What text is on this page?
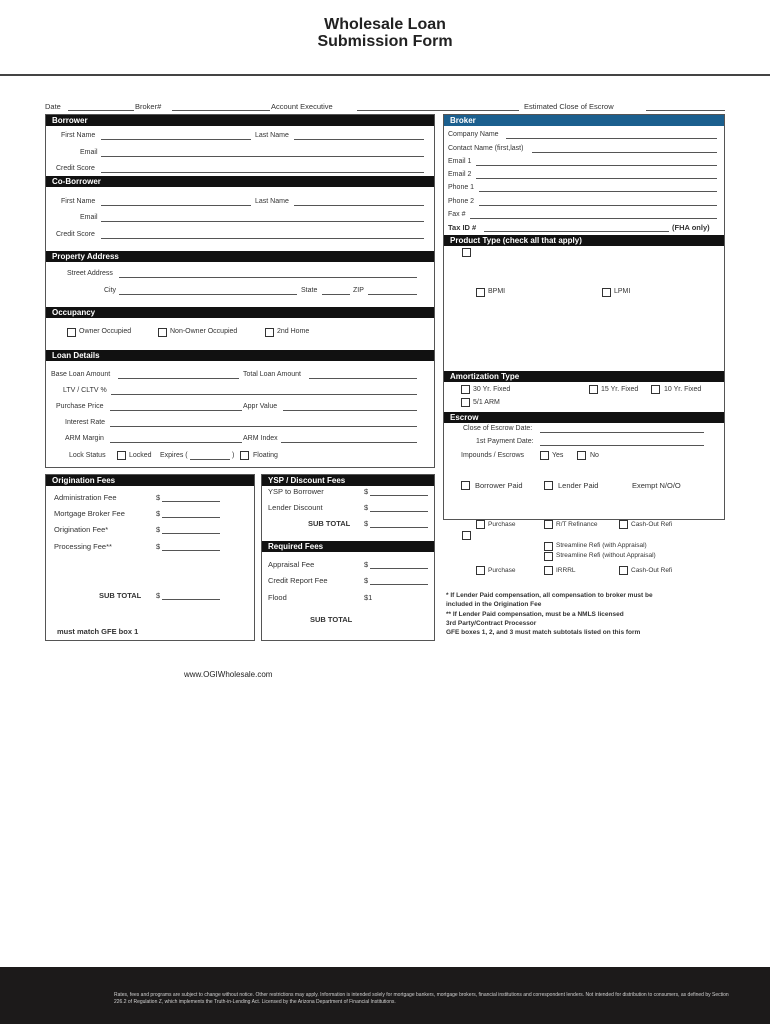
Wholesale Loan
Submission Form
Date	Broker#	Account Executive	Estimated Close of Escrow
Borrower
First Name	Last Name
Email
Credit Score
Co-Borrower
First Name	Last Name
Email
Credit Score
Property Address
Street Address
City	State	ZIP
Occupancy
Owner Occupied	Non-Owner Occupied	2nd Home
Loan Details
Base Loan Amount	Total Loan Amount
LTV / CLTV %
Purchase Price	Appr Value
Interest Rate
ARM Margin	ARM Index
Lock Status	Locked Expires (	)	Floating
Broker
Company Name
Contact Name (first,last)
Email 1
Email 2
Phone 1
Phone 2
Fax #
Tax ID #	(FHA only)
Product Type (check all that apply)
BPMI	LPMI
Amortization Type
30 Yr. Fixed	15 Yr. Fixed	10 Yr. Fixed
5/1 ARM
Escrow
Close of Escrow Date:
1st Payment Date:
Impounds / Escrows	Yes	No
Borrower Paid	Lender Paid	Exempt N/O/O
Purchase	R/T Refinance	Cash-Out Refi
Streamline Refi (with Appraisal)
Streamline Refi (without Appraisal)
Purchase	IRRRL	Cash-Out Refi
* If Lender Paid compensation, all compensation to broker must be
included in the Origination Fee
** If Lender Paid compensation, must be a NMLS licensed
3rd Party/Contract Processor
GFE boxes 1, 2, and 3 must match subtotals listed on this form
Origination Fees
Administration Fee	$
Mortgage Broker Fee	$
Origination Fee*	$
Processing Fee**	$
SUB TOTAL $
must match GFE box 1
YSP / Discount Fees
YSP to Borrower	$
Lender Discount	$
SUB TOTAL $
Required Fees
Appraisal Fee	$
Credit Report Fee	$
Flood	$1
SUB TOTAL
www.OGIWholesale.com
Rates, fees and programs are subject to change without notice. Other restrictions may apply. Information is intended solely for mortgage bankers, mortgage brokers, financial institutions and correspondent lenders. Not intended for distribution to consumers, as defined by Section 226.2 of Regulation Z, which implements the Truth-in-Lending Act. Licensed by the Arizona Department of Financial Institutions.
